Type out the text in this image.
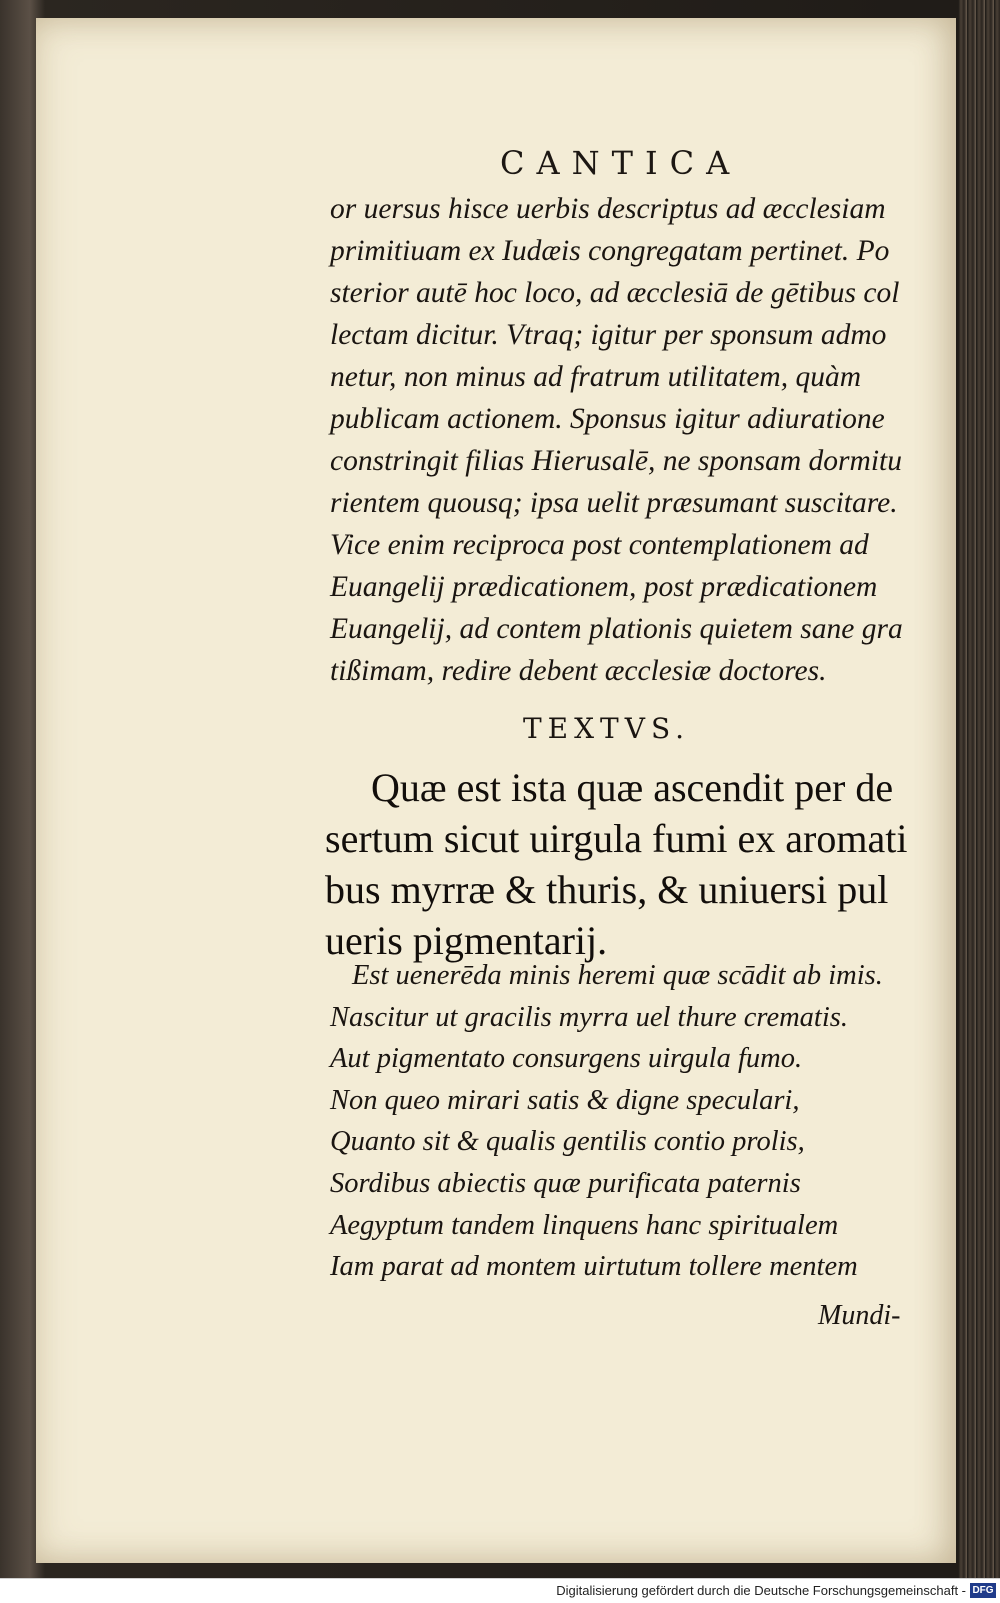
CANTICA
or uersus hisce uerbis descriptus ad æcclesiam
primitiuam ex Iudæis congregatam pertinet. Po
sterior autē hoc loco, ad æcclesiā de gētibus col
lectam dicitur. Vtraq; igitur per sponsum admo
netur, non minus ad fratrum utilitatem, quàm
publicam actionem. Sponsus igitur adiuratione
constringit filias Hierusalē, ne sponsam dormitu
rientem quousq; ipsa uelit præsumant suscitare.
Vice enim reciproca post contemplationem ad
Euangelij prædicationem, post prædicationem
Euangelij, ad contem plationis quietem sane gra
tißimam, redire debent æcclesiæ doctores.
TEXTVS.
Quæ est ista quæ ascendit per de
sertum sicut uirgula fumi ex aromati
bus myrræ & thuris, & uniuersi pul
ueris pigmentarij.
Est uenerēda minis heremi quæ scādit ab imis.
Nascitur ut gracilis myrra uel thure crematis.
Aut pigmentato consurgens uirgula fumo.
Non queo mirari satis & digne speculari,
Quanto sit & qualis gentilis contio prolis,
Sordibus abiectis quæ purificata paternis
Aegyptum tandem linquens hanc spiritualem
Iam parat ad montem uirtutum tollere mentem
Mundi-
Digitalisierung gefördert durch die Deutsche Forschungsgemeinschaft - DFG
